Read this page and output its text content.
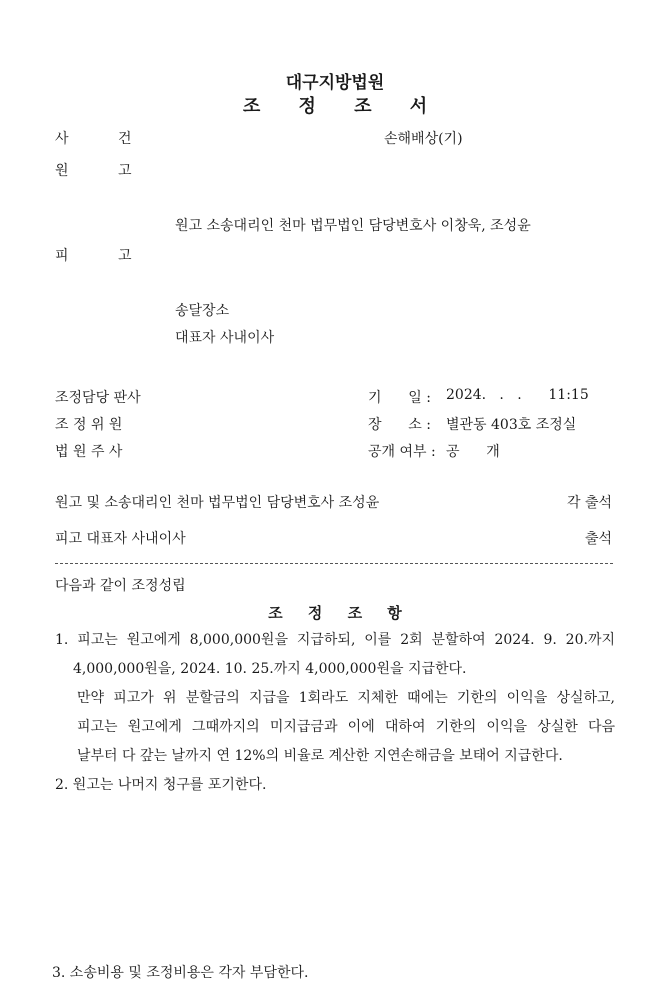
대구지방법원
조 정 조 서
사	건	손해배상(기)
원	고
원고 소송대리인 천마 법무법인 담당변호사 이창욱, 조성윤
피	고
송달장소
대표자 사내이사
조정담당 판사
조 정 위 원
법 원 주 사
기      일 : 2024.   .   .      11:15
장      소 : 별관동 403호 조정실
공개 여부 : 공      개
원고 및 소송대리인 천마 법무법인 담당변호사 조성윤	각 출석
피고 대표자 사내이사	출석
다음과 같이 조정성립
조 정 조 항
1. 피고는 원고에게 8,000,000원을 지급하되, 이를 2회 분할하여 2024. 9. 20.까지
4,000,000원을, 2024. 10. 25.까지 4,000,000원을 지급한다.
만약 피고가 위 분할금의 지급을 1회라도 지체한 때에는 기한의 이익을 상실하고,
피고는 원고에게 그때까지의 미지급금과 이에 대하여 기한의 이익을 상실한 다음
날부터 다 갚는 날까지 연 12%의 비율로 계산한 지연손해금을 보태어 지급한다.
2. 원고는 나머지 청구를 포기한다.
3. 소송비용 및 조정비용은 각자 부담한다.
